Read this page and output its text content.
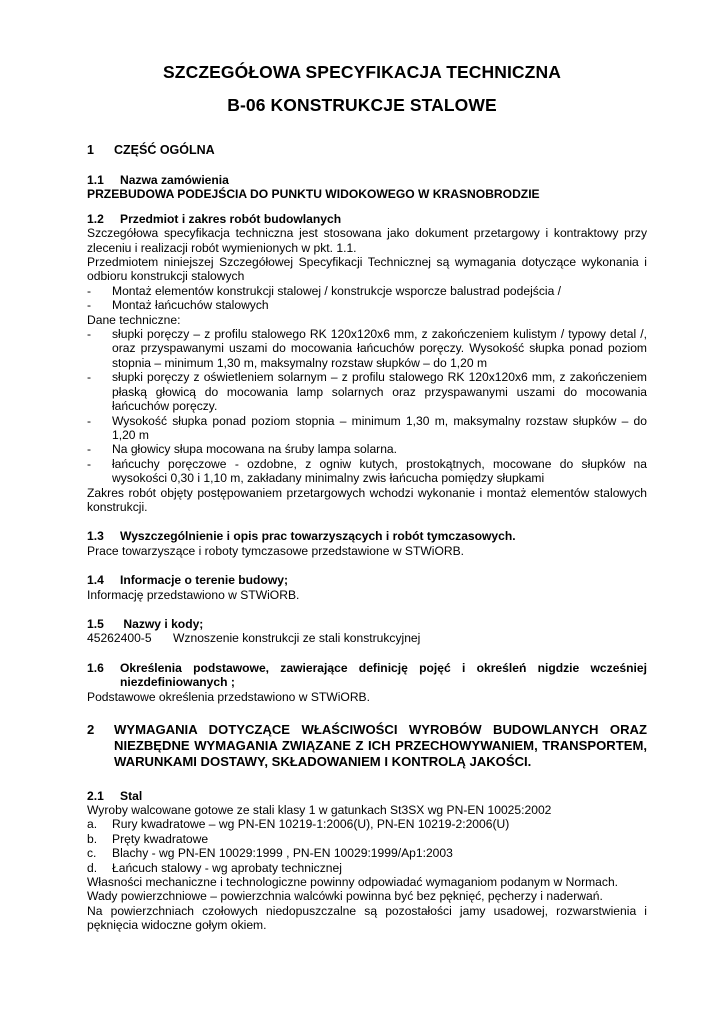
SZCZEGÓŁOWA SPECYFIKACJA TECHNICZNA
B-06 KONSTRUKCJE STALOWE
1	CZĘŚĆ OGÓLNA
1.1	Nazwa zamówienia
PRZEBUDOWA PODEJŚCIA DO PUNKTU WIDOKOWEGO W KRASNOBRODZIE
1.2	Przedmiot i zakres robót budowlanych
Szczegółowa specyfikacja techniczna jest stosowana jako dokument przetargowy i kontraktowy przy zleceniu i realizacji robót wymienionych w pkt. 1.1.
Przedmiotem niniejszej Szczegółowej Specyfikacji Technicznej są wymagania dotyczące wykonania i odbioru konstrukcji stalowych
-	Montaż elementów konstrukcji stalowej / konstrukcje wsporcze balustrad podejścia /
-	Montaż łańcuchów stalowych
Dane techniczne:
-	słupki poręczy – z profilu stalowego RK 120x120x6 mm, z zakończeniem kulistym / typowy detal /, oraz przyspawanymi uszami do mocowania łańcuchów poręczy. Wysokość słupka ponad poziom stopnia – minimum 1,30 m, maksymalny rozstaw słupków – do 1,20 m
-	słupki poręczy z oświetleniem solarnym – z profilu stalowego RK 120x120x6 mm, z zakończeniem płaską głowicą do mocowania lamp solarnych oraz przyspawanymi uszami do mocowania łańcuchów poręczy.
-	Wysokość słupka ponad poziom stopnia – minimum 1,30 m, maksymalny rozstaw słupków – do 1,20 m
-	Na głowicy słupa mocowana na śruby lampa solarna.
-	łańcuchy poręczowe - ozdobne, z ogniw kutych, prostokątnych, mocowane do słupków na wysokości 0,30 i 1,10 m, zakładany minimalny zwis łańcucha pomiędzy słupkami
Zakres robót objęty postępowaniem przetargowych wchodzi wykonanie i montaż elementów stalowych konstrukcji.
1.3	Wyszczególnienie i opis prac towarzyszących i robót tymczasowych.
Prace towarzyszące i roboty tymczasowe przedstawione w STWiORB.
1.4	Informacje o terenie budowy;
Informację przedstawiono w STWiORB.
1.5	Nazwy i kody;
45262400-5	Wznoszenie konstrukcji ze stali konstrukcyjnej
1.6	Określenia podstawowe, zawierające definicję pojęć i określeń nigdzie wcześniej niezdefiniowanych ;
Podstawowe określenia przedstawiono w STWiORB.
2	WYMAGANIA DOTYCZĄCE WŁAŚCIWOŚCI WYROBÓW BUDOWLANYCH ORAZ NIEZBĘDNE WYMAGANIA ZWIĄZANE Z ICH PRZECHOWYWANIEM, TRANSPORTEM, WARUNKAMI DOSTAWY, SKŁADOWANIEM I KONTROLĄ JAKOŚCI.
2.1	Stal
Wyroby walcowane gotowe ze stali klasy 1 w gatunkach St3SX wg PN-EN 10025:2002
a.	Rury kwadratowe – wg PN-EN 10219-1:2006(U), PN-EN 10219-2:2006(U)
b.	Pręty kwadratowe
c.	Blachy - wg PN-EN 10029:1999 , PN-EN 10029:1999/Ap1:2003
d.	Łańcuch stalowy - wg aprobaty technicznej
Własności mechaniczne i technologiczne powinny odpowiadać wymaganiom podanym w Normach.
Wady powierzchniowe – powierzchnia walcówki powinna być bez pęknięć, pęcherzy i naderwań.
Na powierzchniach czołowych niedopuszczalne są pozostałości jamy usadowej, rozwarstwienia i pęknięcia widoczne gołym okiem.
